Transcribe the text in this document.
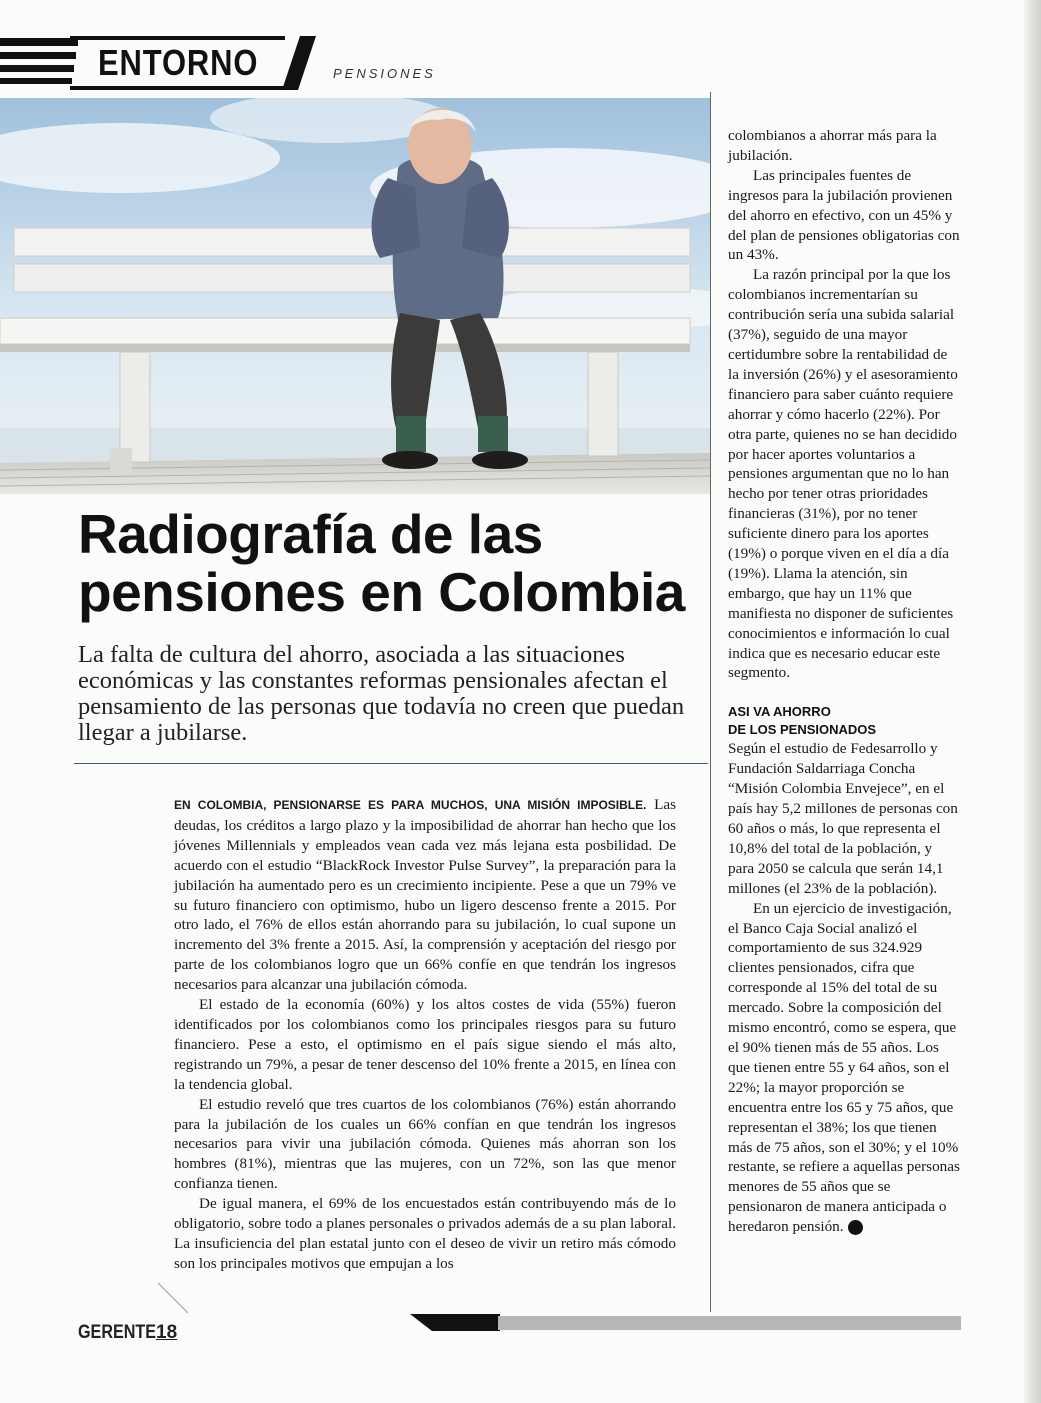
ENTORNO	PENSIONES
Radiografía de las
pensiones en Colombia
La falta de cultura del ahorro, asociada a las situaciones económicas y las constantes reformas pensionales afectan el pensamiento de las personas que todavía no creen que puedan llegar a jubilarse.

EN COLOMBIA, PENSIONARSE ES PARA MUCHOS, UNA MISIÓN IMPOSIBLE. Las deudas, los créditos a largo plazo y la imposibilidad de ahorrar han hecho que los jóvenes Millennials y empleados vean cada vez más lejana esta posbilidad. De acuerdo con el estudio “BlackRock Investor Pulse Survey”, la preparación para la jubilación ha aumentado pero es un crecimiento incipiente. Pese a que un 79% ve su futuro financiero con optimismo, hubo un ligero descenso frente a 2015. Por otro lado, el 76% de ellos están ahorrando para su jubilación, lo cual supone un incremento del 3% frente a 2015. Así, la comprensión y aceptación del riesgo por parte de los colombianos logro que un 66% confíe en que tendrán los ingresos necesarios para alcanzar una jubilación cómoda.

El estado de la economía (60%) y los altos costes de vida (55%) fueron identificados por los colombianos como los principales riesgos para su futuro financiero. Pese a esto, el optimismo en el país sigue siendo el más alto, registrando un 79%, a pesar de tener descenso del 10% frente a 2015, en línea con la tendencia global.

El estudio reveló que tres cuartos de los colombianos (76%) están ahorrando para la jubilación de los cuales un 66% confían en que tendrán los ingresos necesarios para vivir una jubilación cómoda. Quienes más ahorran son los hombres (81%), mientras que las mujeres, con un 72%, son las que menor confianza tienen.

De igual manera, el 69% de los encuestados están contribuyendo más de lo obligatorio, sobre todo a planes personales o privados además de a su plan laboral. La insuficiencia del plan estatal junto con el deseo de vivir un retiro más cómodo son los principales motivos que empujan a los

colombianos a ahorrar más para la jubilación.

Las principales fuentes de ingresos para la jubilación provienen del ahorro en efectivo, con un 45% y del plan de pensiones obligatorias con un 43%.

La razón principal por la que los colombianos incrementarían su contribución sería una subida salarial (37%), seguido de una mayor certidumbre sobre la rentabilidad de la inversión (26%) y el asesoramiento financiero para saber cuánto requiere ahorrar y cómo hacerlo (22%). Por otra parte, quienes no se han decidido por hacer aportes voluntarios a pensiones argumentan que no lo han hecho por tener otras prioridades financieras (31%), por no tener suficiente dinero para los aportes (19%) o porque viven en el día a día (19%). Llama la atención, sin embargo, que hay un 11% que manifiesta no disponer de suficientes conocimientos e información lo cual indica que es necesario educar este segmento.

ASI VA AHORRO
DE LOS PENSIONADOS

Según el estudio de Fedesarrollo y Fundación Saldarriaga Concha “Misión Colombia Envejece”, en el país hay 5,2 millones de personas con 60 años o más, lo que representa el 10,8% del total de la población, y para 2050 se calcula que serán 14,1 millones (el 23% de la población).

En un ejercicio de investigación, el Banco Caja Social analizó el comportamiento de sus 324.929 clientes pensionados, cifra que corresponde al 15% del total de su mercado. Sobre la composición del mismo encontró, como se espera, que el 90% tienen más de 55 años. Los que tienen entre 55 y 64 años, son el 22%; la mayor proporción se encuentra entre los 65 y 75 años, que representan el 38%; los que tienen más de 75 años, son el 30%; y el 10% restante, se refiere a aquellas personas menores de 55 años que se pensionaron de manera anticipada o heredaron pensión.	G

GERENTE 18
